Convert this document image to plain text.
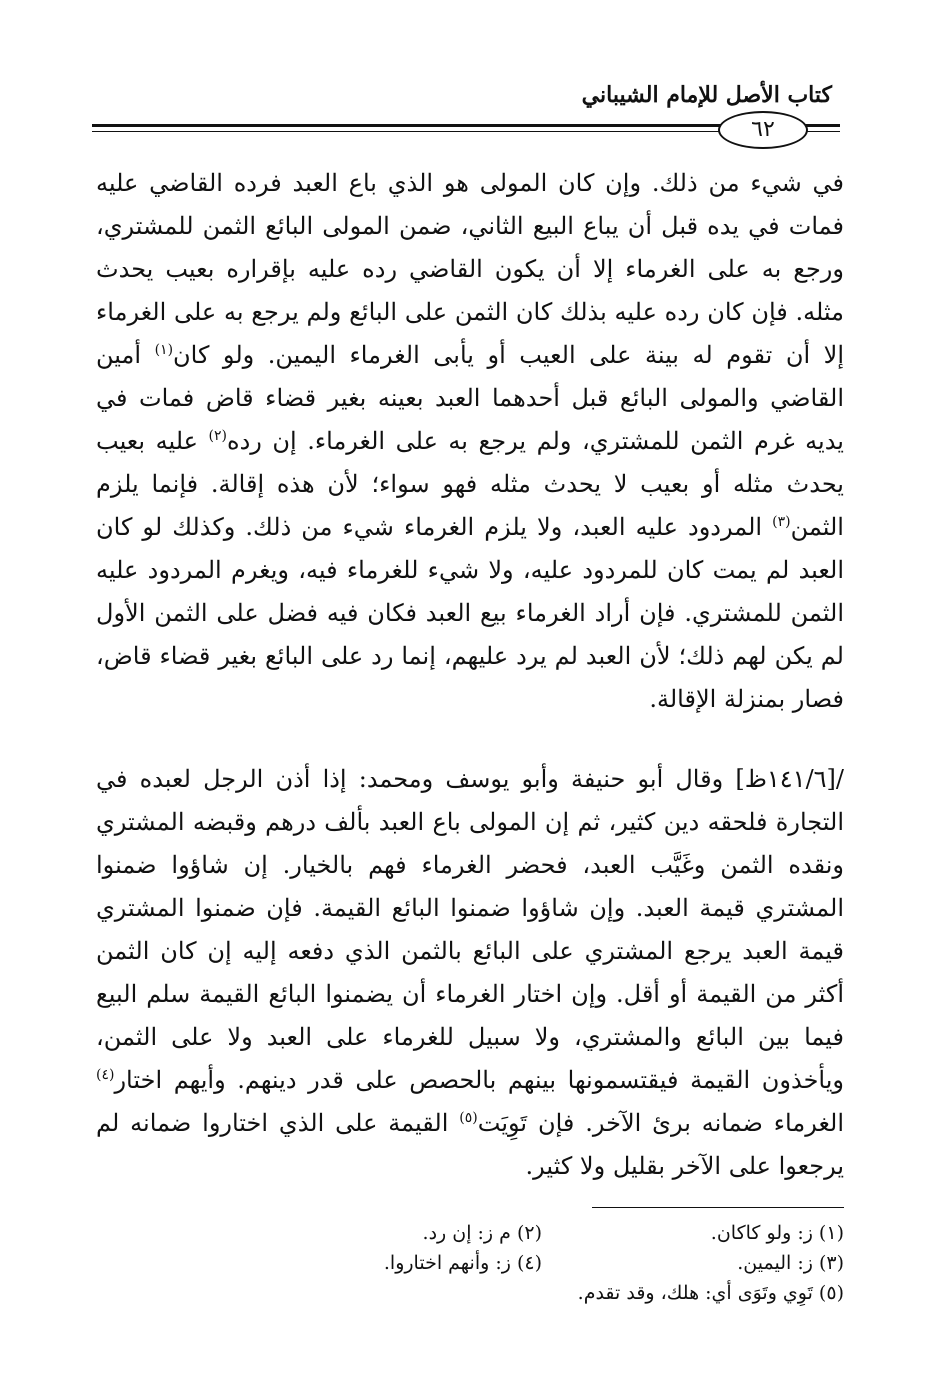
كتاب الأصل للإمام الشيباني
٦٢

في شيء من ذلك. وإن كان المولى هو الذي باع العبد فرده القاضي عليه فمات في يده قبل أن يباع البيع الثاني، ضمن المولى البائع الثمن للمشتري، ورجع به على الغرماء إلا أن يكون القاضي رده عليه بإقراره بعيب يحدث مثله. فإن كان رده عليه بذلك كان الثمن على البائع ولم يرجع به على الغرماء إلا أن تقوم له بينة على العيب أو يأبى الغرماء اليمين. ولو كان$^{(١)}$ أمين القاضي والمولى البائع قبل أحدهما العبد بعينه بغير قضاء قاض فمات في يديه غرم الثمن للمشتري، ولم يرجع به على الغرماء. إن رده$^{(٢)}$ عليه بعيب يحدث مثله أو بعيب لا يحدث مثله فهو سواء؛ لأن هذه إقالة. فإنما يلزم الثمن$^{(٣)}$ المردود عليه العبد، ولا يلزم الغرماء شيء من ذلك. وكذلك لو كان العبد لم يمت كان للمردود عليه، ولا شيء للغرماء فيه، ويغرم المردود عليه الثمن للمشتري. فإن أراد الغرماء بيع العبد فكان فيه فضل على الثمن الأول لم يكن لهم ذلك؛ لأن العبد لم يرد عليهم، إنما رد على البائع بغير قضاء قاض، فصار بمنزلة الإقالة.

/[١٤١/٦ظ] وقال أبو حنيفة وأبو يوسف ومحمد: إذا أذن الرجل لعبده في التجارة فلحقه دين كثير، ثم إن المولى باع العبد بألف درهم وقبضه المشتري ونقده الثمن وغَيَّب العبد، فحضر الغرماء فهم بالخيار. إن شاؤوا ضمنوا المشتري قيمة العبد. وإن شاؤوا ضمنوا البائع القيمة. فإن ضمنوا المشتري قيمة العبد يرجع المشتري على البائع بالثمن الذي دفعه إليه إن كان الثمن أكثر من القيمة أو أقل. وإن اختار الغرماء أن يضمنوا البائع القيمة سلم البيع فيما بين البائع والمشتري، ولا سبيل للغرماء على العبد ولا على الثمن، ويأخذون القيمة فيقتسمونها بينهم بالحصص على قدر دينهم. وأيهم اختار$^{(٤)}$ الغرماء ضمانه برئ الآخر. فإن تَوِيَت$^{(٥)}$ القيمة على الذي اختاروا ضمانه لم يرجعوا على الآخر بقليل ولا كثير.

(١) ز: ولو كاكان.
(٢) م ز: إن رد.
(٣) ز: اليمين.
(٤) ز: وأنهم اختاروا.
(٥) تَوِي وتَوَى أي: هلك، وقد تقدم.
